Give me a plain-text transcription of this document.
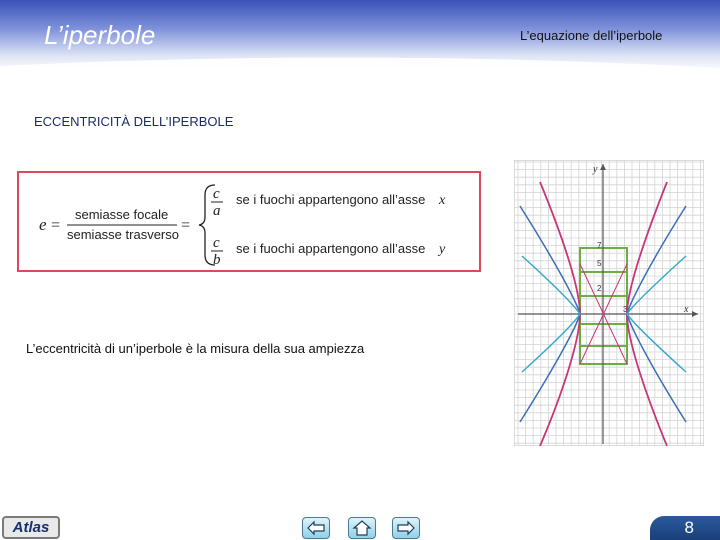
L’iperbole	L’equazione dell’iperbole
ECCENTRICITÀ DELL’IPERBOLE
e =
semiasse focale
semiasse trasverso
=
c
a
se i fuochi appartengono all’asse x
c
b
se i fuochi appartengono all’asse y
L’eccentricità di un’iperbole è la misura della sua ampiezza
x
y
7
5
2
3
Atlas	8
